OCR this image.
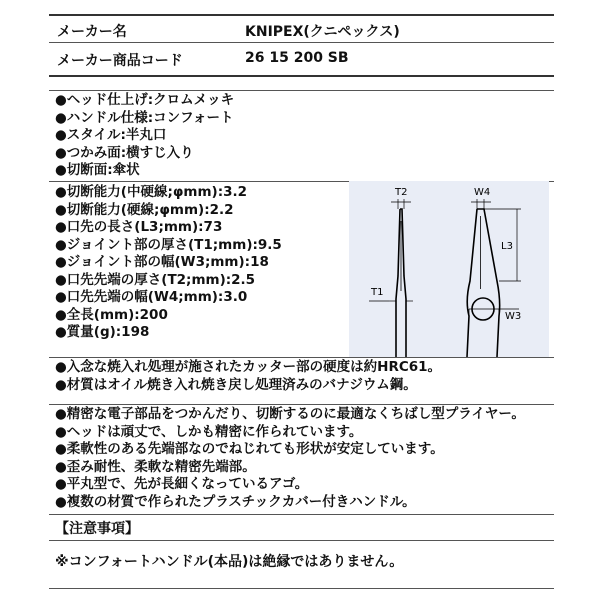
メーカー名	KNIPEX(クニペックス)
メーカー商品コード	26 15 200 SB
●ヘッド仕上げ:クロムメッキ
●ハンドル仕様:コンフォート
●スタイル:半丸口
●つかみ面:横すじ入り
●切断面:傘状
●切断能力(中硬線;φmm):3.2
●切断能力(硬線;φmm):2.2
●口先の長さ(L3;mm):73
●ジョイント部の厚さ(T1;mm):9.5
●ジョイント部の幅(W3;mm):18
●口先先端の厚さ(T2;mm):2.5
●口先先端の幅(W4;mm):3.0
●全長(mm):200
●質量(g):198
T2	W4
L3
T1
W3
●入念な焼入れ処理が施されたカッター部の硬度は約HRC61。
●材質はオイル焼き入れ焼き戻し処理済みのバナジウム鋼。
●精密な電子部品をつかんだり、切断するのに最適なくちばし型プライヤー。
●ヘッドは頑丈で、しかも精密に作られています。
●柔軟性のある先端部なのでねじれても形状が安定しています。
●歪み耐性、柔軟な精密先端部。
●平丸型で、先が長細くなっているアゴ。
●複数の材質で作られたプラスチックカバー付きハンドル。
【注意事項】
※コンフォートハンドル(本品)は絶縁ではありません。
